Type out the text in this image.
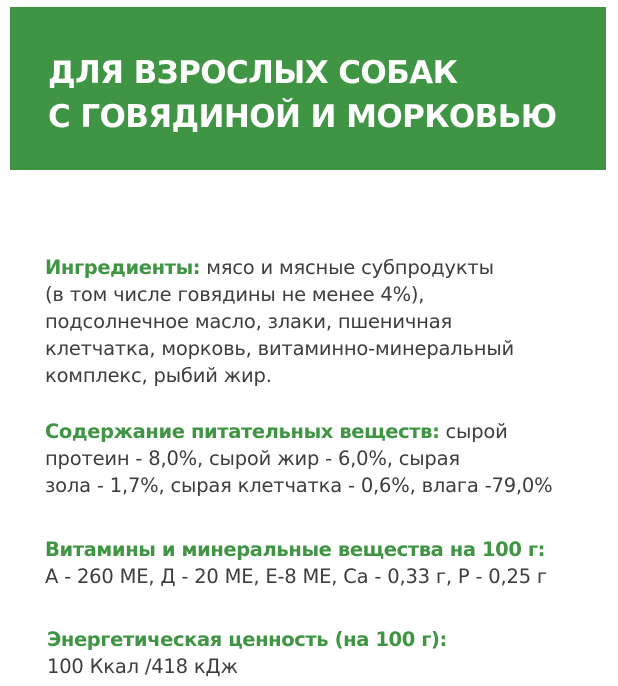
ДЛЯ ВЗРОСЛЫХ СОБАК
С ГОВЯДИНОЙ И МОРКОВЬЮ
Ингредиенты: мясо и мясные субпродукты
(в том числе говядины не менее 4%),
подсолнечное масло, злаки, пшеничная
клетчатка, морковь, витаминно-минеральный
комплекс, рыбий жир.
Содержание питательных веществ: сырой
протеин - 8,0%, сырой жир - 6,0%, сырая
зола - 1,7%, сырая клетчатка - 0,6%, влага -79,0%
Витамины и минеральные вещества на 100 г:
А - 260 МЕ, Д - 20 МЕ, Е-8 МЕ, Са - 0,33 г, Р - 0,25 г
Энергетическая ценность (на 100 г):
100 Ккал /418 кДж
